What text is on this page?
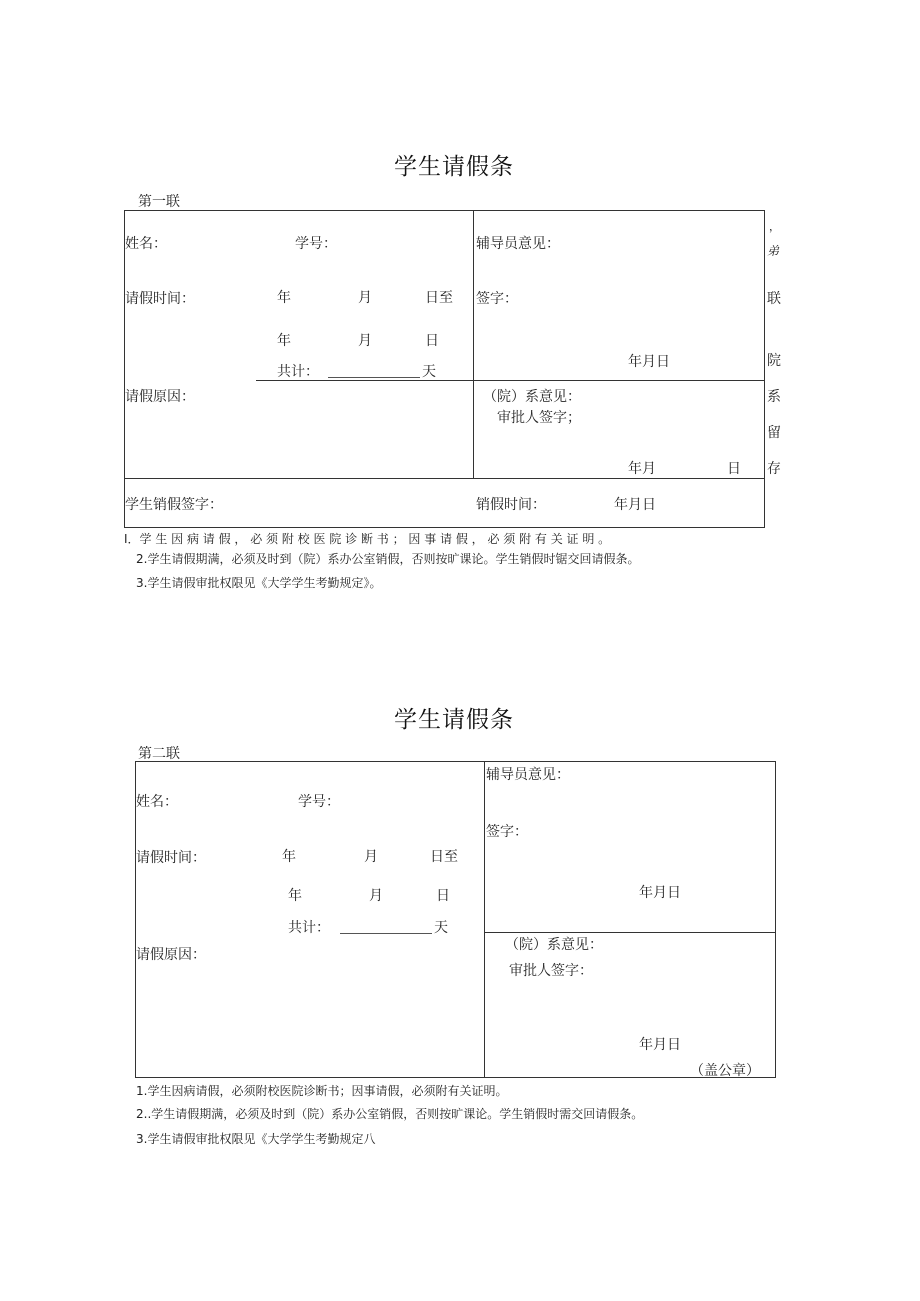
学生请假条
第一联
姓名：	学号：
请假时间：	年	月	日至
年	月	日
共计：	天
请假原因：
辅导员意见：
签字：
年月日
（院）系意见：
审批人签字；
年月	日
学生销假签字：	销假时间：	年月日
，
弟
联
院
系
留
存
I．学 生 因 病 请 假 ， 必 须 附 校 医 院 诊 断 书 ； 因 事 请 假 ， 必 须 附 有 关 证 明 。
2.学生请假期满，必须及时到（院）系办公室销假，否则按旷课论。学生销假时锯交回请假条。
3.学生请假审批权限见《大学学生考勤规定》。
学生请假条
第二联
姓名：	学号：
请假时间：	年	月	日至
年	月	日
共计：	天
请假原因：
辅导员意见：
签字：
年月日
（院）系意见：
审批人签字：
年月日
（盖公章）
1.学生因病请假，必须附校医院诊断书；因事请假，必须附有关证明。
2..学生请假期满，必须及时到（院）系办公室销假，否则按旷课论。学生销假时需交回请假条。
3.学生请假审批权限见《大学学生考勤规定八
